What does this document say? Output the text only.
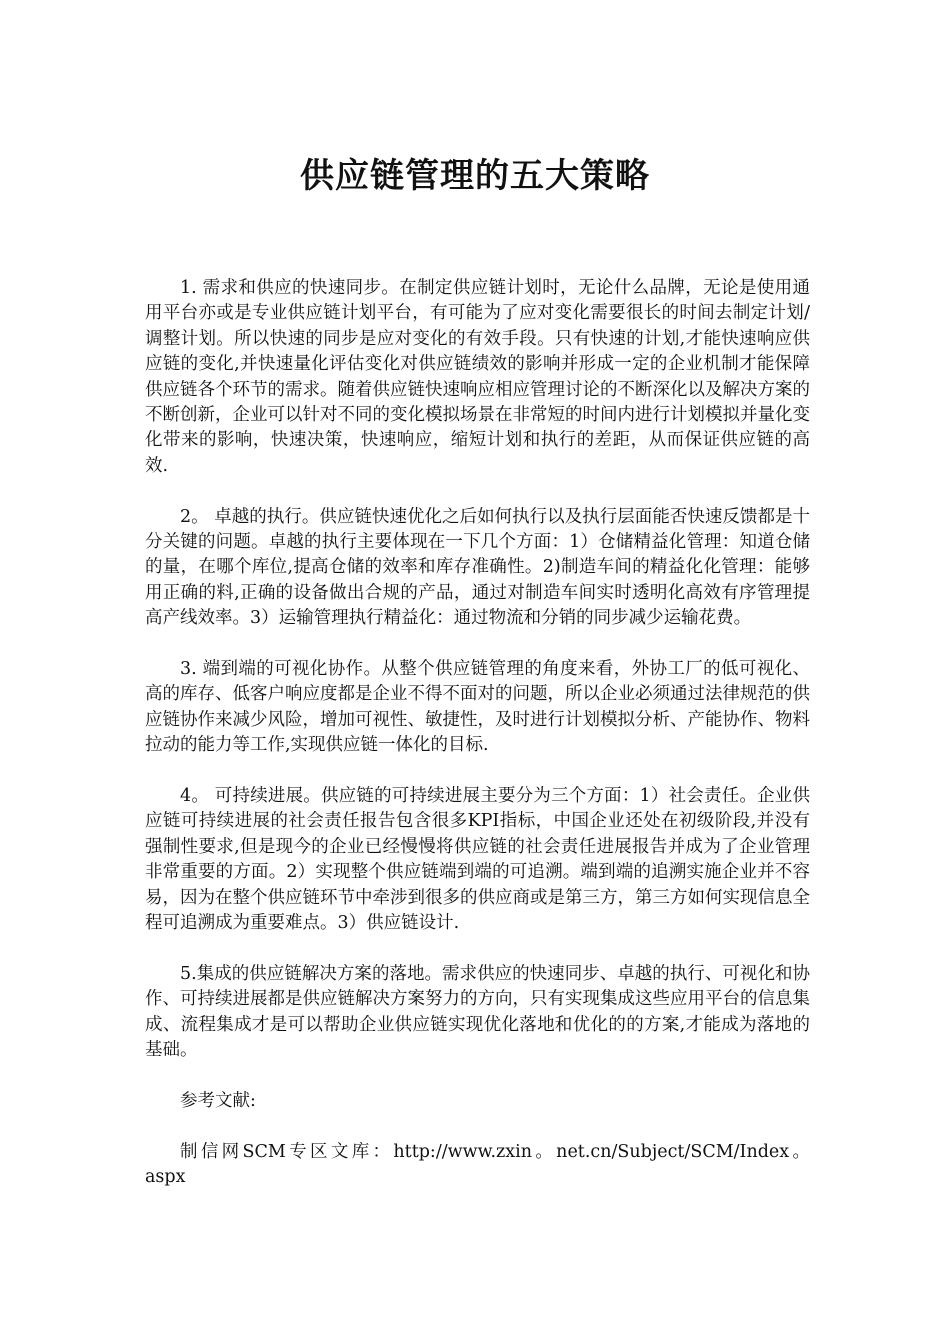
供应链管理的五大策略

1. 需求和供应的快速同步。在制定供应链计划时，无论什么品牌，无论是使用通用平台亦或是专业供应链计划平台，有可能为了应对变化需要很长的时间去制定计划/调整计划。所以快速的同步是应对变化的有效手段。只有快速的计划,才能快速响应供应链的变化,并快速量化评估变化对供应链绩效的影响并形成一定的企业机制才能保障供应链各个环节的需求。随着供应链快速响应相应管理讨论的不断深化以及解决方案的不断创新，企业可以针对不同的变化模拟场景在非常短的时间内进行计划模拟并量化变化带来的影响，快速决策，快速响应，缩短计划和执行的差距，从而保证供应链的高效.

2。 卓越的执行。供应链快速优化之后如何执行以及执行层面能否快速反馈都是十分关键的问题。卓越的执行主要体现在一下几个方面：1）仓储精益化管理：知道仓储的量，在哪个库位,提高仓储的效率和库存准确性。2)制造车间的精益化化管理：能够用正确的料,正确的设备做出合规的产品，通过对制造车间实时透明化高效有序管理提高产线效率。3）运输管理执行精益化：通过物流和分销的同步减少运输花费。

3. 端到端的可视化协作。从整个供应链管理的角度来看，外协工厂的低可视化、高的库存、低客户响应度都是企业不得不面对的问题，所以企业必须通过法律规范的供应链协作来减少风险，增加可视性、敏捷性，及时进行计划模拟分析、产能协作、物料拉动的能力等工作,实现供应链一体化的目标.

4。 可持续进展。供应链的可持续进展主要分为三个方面：1）社会责任。企业供应链可持续进展的社会责任报告包含很多KPI指标，中国企业还处在初级阶段,并没有强制性要求,但是现今的企业已经慢慢将供应链的社会责任进展报告并成为了企业管理非常重要的方面。2）实现整个供应链端到端的可追溯。端到端的追溯实施企业并不容易，因为在整个供应链环节中牵涉到很多的供应商或是第三方，第三方如何实现信息全程可追溯成为重要难点。3）供应链设计.

5.集成的供应链解决方案的落地。需求供应的快速同步、卓越的执行、可视化和协作、可持续进展都是供应链解决方案努力的方向，只有实现集成这些应用平台的信息集成、流程集成才是可以帮助企业供应链实现优化落地和优化的的方案,才能成为落地的基础。

参考文献:

制信网SCM专区文库：http://www.zxin。net.cn/Subject/SCM/Index。aspx
